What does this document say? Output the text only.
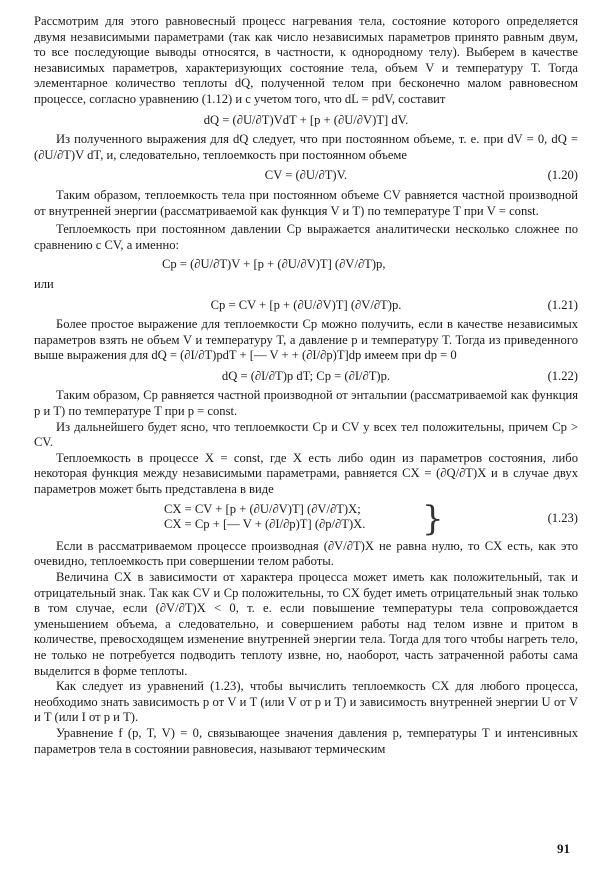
Рассмотрим для этого равновесный процесс нагревания тела, состояние которого определяется двумя независимыми параметрами (так как число независимых параметров принято равным двум, то все последующие выводы относятся, в частности, к однородному телу). Выберем в качестве независимых параметров, характеризующих состояние тела, объем V и температуру T. Тогда элементарное количество теплоты dQ, полученной телом при бесконечно малом равновесном процессе, согласно уравнению (1.12) и с учетом того, что dL = pdV, составит

dQ = (∂U/∂T)VdT + [p + (∂U/∂V)T] dV.

Из полученного выражения для dQ следует, что при постоянном объеме, т. е. при dV = 0, dQ = (∂U/∂T)V dT, и, следовательно, теплоемкость при постоянном объеме

CV = (∂U/∂T)V.	(1.20)

Таким образом, теплоемкость тела при постоянном объеме CV равняется частной производной от внутренней энергии (рассматриваемой как функция V и T) по температуре T при V = const.

Теплоемкость при постоянном давлении Cp выражается аналитически несколько сложнее по сравнению с CV, а именно:

Cp = (∂U/∂T)V + [p + (∂U/∂V)T] (∂V/∂T)p,

или

Cp = CV + [p + (∂U/∂V)T] (∂V/∂T)p.	(1.21)

Более простое выражение для теплоемкости Cp можно получить, если в качестве независимых параметров взять не объем V и температуру T, а давление p и температуру T. Тогда из приведенного выше выражения для dQ = (∂I/∂T)pdT + [— V + + (∂I/∂p)T]dp имеем при dp = 0

dQ = (∂I/∂T)p dT; Cp = (∂I/∂T)p.	(1.22)

Таким образом, Cp равняется частной производной от энтальпии (рассматриваемой как функция p и T) по температуре T при p = const.

Из дальнейшего будет ясно, что теплоемкости Cp и CV у всех тел положительны, причем Cp > CV.

Теплоемкость в процессе X = const, где X есть либо один из параметров состояния, либо некоторая функция между независимыми параметрами, равняется CX = (∂Q/∂T)X и в случае двух параметров может быть представлена в виде

CX = CV + [p + (∂U/∂V)T] (∂V/∂T)X;
CX = Cp + [— V + (∂I/∂p)T] (∂p/∂T)X.	}	(1.23)

Если в рассматриваемом процессе производная (∂V/∂T)X не равна нулю, то CX есть, как это очевидно, теплоемкость при совершении телом работы.

Величина CX в зависимости от характера процесса может иметь как положительный, так и отрицательный знак. Так как CV и Cp положительны, то CX будет иметь отрицательный знак только в том случае, если (∂V/∂T)X < 0, т. е. если повышение температуры тела сопровождается уменьшением объема, а следовательно, и совершением работы над телом извне и притом в количестве, превосходящем изменение внутренней энергии тела. Тогда для того чтобы нагреть тело, не только не потребуется подводить теплоту извне, но, наоборот, часть затраченной работы сама выделится в форме теплоты.

Как следует из уравнений (1.23), чтобы вычислить теплоемкость CX для любого процесса, необходимо знать зависимость p от V и T (или V от p и T) и зависимость внутренней энергии U от V и T (или I от p и T).

Уравнение f (p, T, V) = 0, связывающее значения давления p, температуры T и интенсивных параметров тела в состоянии равновесия, называют термическим

91
